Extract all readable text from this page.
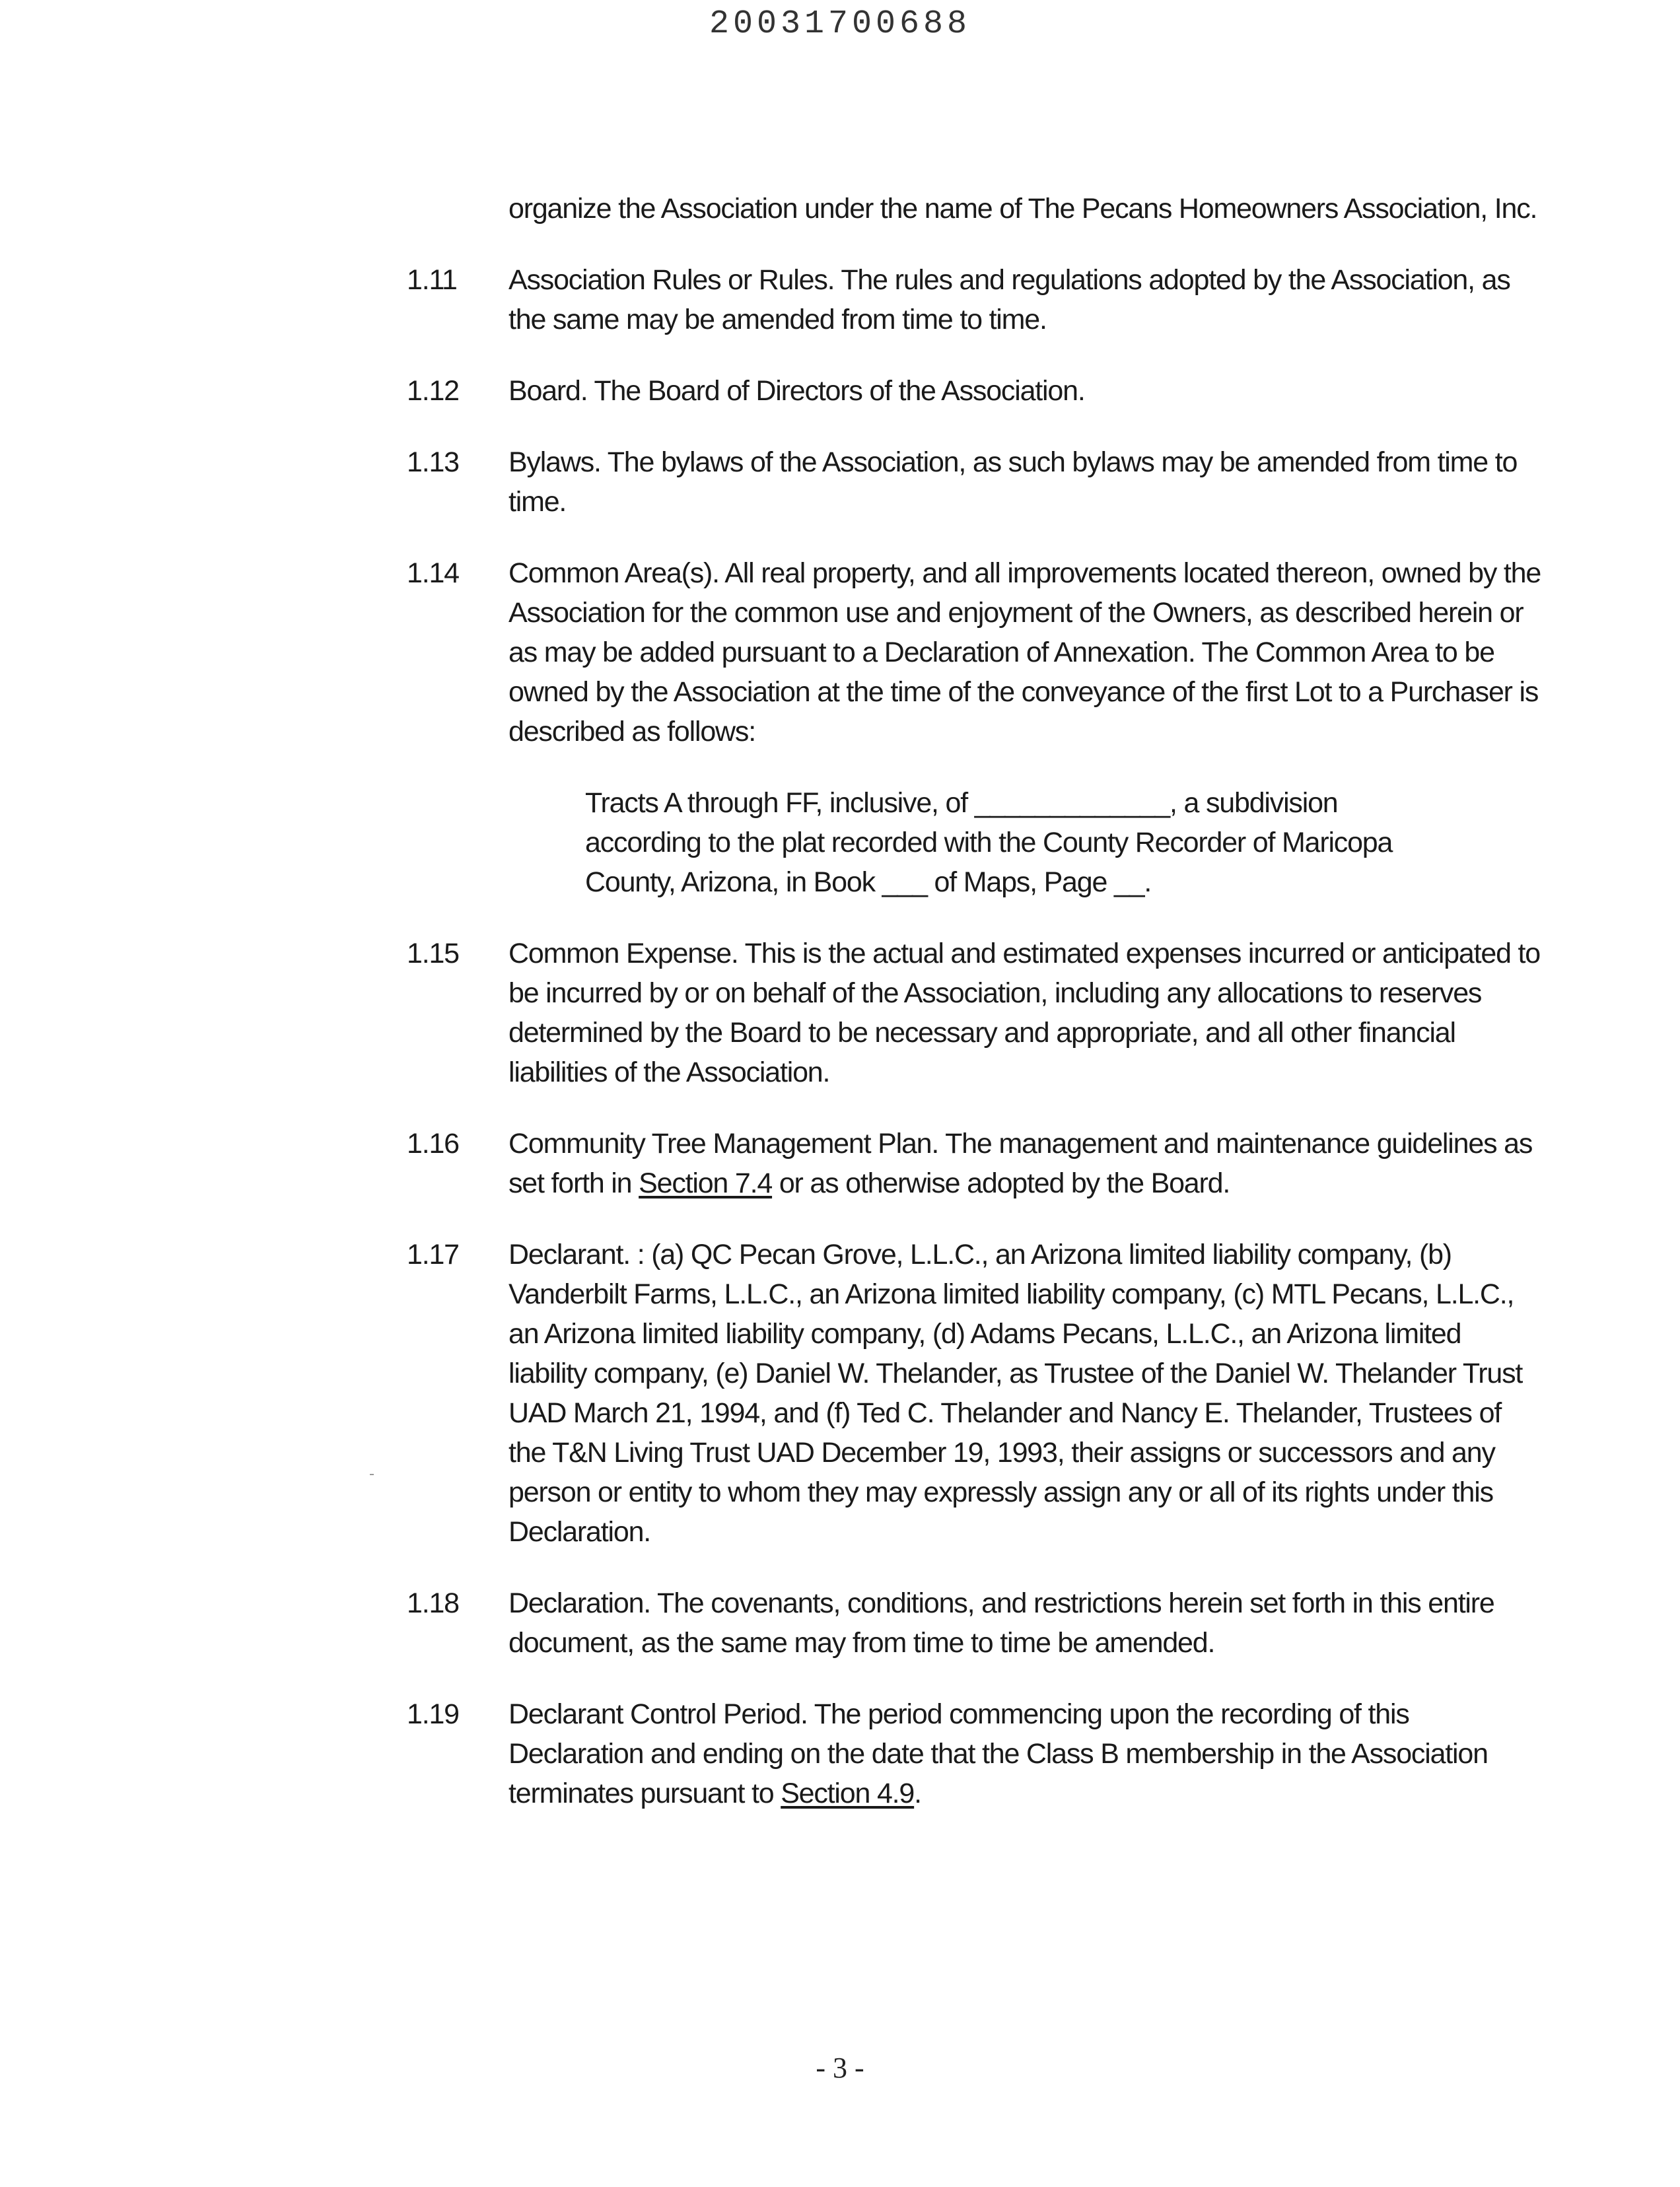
20031700688

organize the Association under the name of The Pecans Homeowners Association, Inc.

1.11 Association Rules or Rules. The rules and regulations adopted by the Association, as the same may be amended from time to time.

1.12 Board. The Board of Directors of the Association.

1.13 Bylaws. The bylaws of the Association, as such bylaws may be amended from time to time.

1.14 Common Area(s). All real property, and all improvements located thereon, owned by the Association for the common use and enjoyment of the Owners, as described herein or as may be added pursuant to a Declaration of Annexation. The Common Area to be owned by the Association at the time of the conveyance of the first Lot to a Purchaser is described as follows:

Tracts A through FF, inclusive, of _____________, a subdivision according to the plat recorded with the County Recorder of Maricopa County, Arizona, in Book ___ of Maps, Page __.

1.15 Common Expense. This is the actual and estimated expenses incurred or anticipated to be incurred by or on behalf of the Association, including any allocations to reserves determined by the Board to be necessary and appropriate, and all other financial liabilities of the Association.

1.16 Community Tree Management Plan. The management and maintenance guidelines as set forth in Section 7.4 or as otherwise adopted by the Board.

1.17 Declarant. : (a) QC Pecan Grove, L.L.C., an Arizona limited liability company, (b) Vanderbilt Farms, L.L.C., an Arizona limited liability company, (c) MTL Pecans, L.L.C., an Arizona limited liability company, (d) Adams Pecans, L.L.C., an Arizona limited liability company, (e) Daniel W. Thelander, as Trustee of the Daniel W. Thelander Trust UAD March 21, 1994, and (f) Ted C. Thelander and Nancy E. Thelander, Trustees of the T&N Living Trust UAD December 19, 1993, their assigns or successors and any person or entity to whom they may expressly assign any or all of its rights under this Declaration.

1.18 Declaration. The covenants, conditions, and restrictions herein set forth in this entire document, as the same may from time to time be amended.

1.19 Declarant Control Period. The period commencing upon the recording of this Declaration and ending on the date that the Class B membership in the Association terminates pursuant to Section 4.9.

- 3 -
